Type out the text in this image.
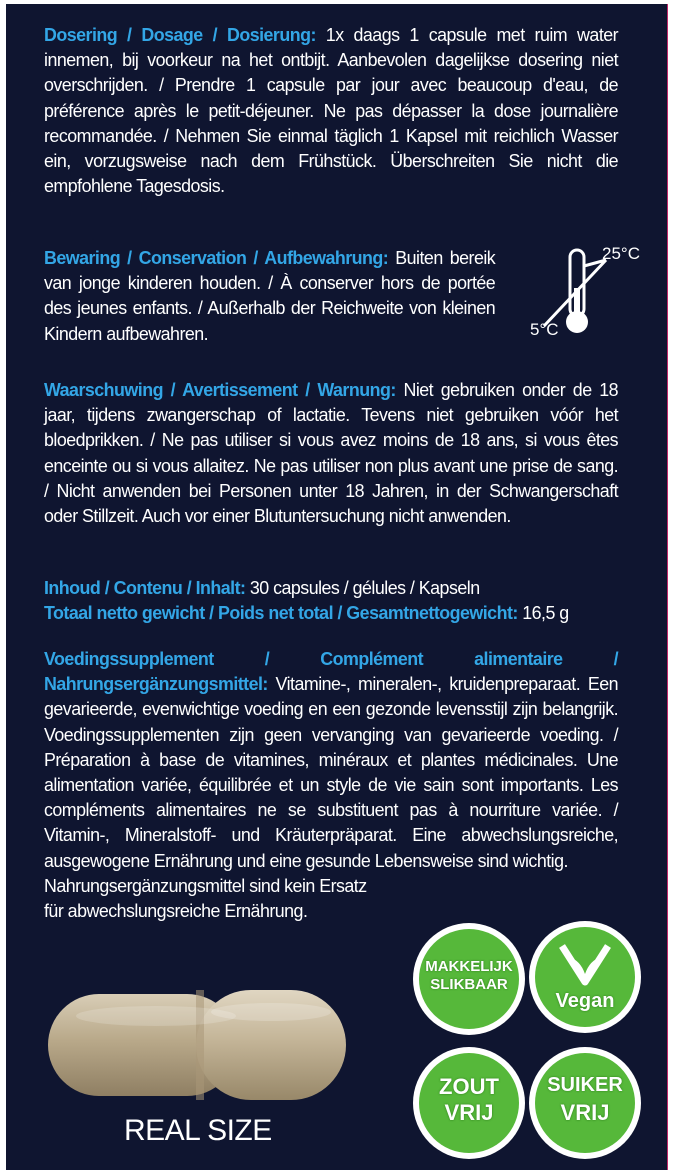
Dosering / Dosage / Dosierung: 1x daags 1 capsule met ruim water innemen, bij voorkeur na het ontbijt. Aanbevolen dagelijkse dosering niet overschrijden. / Prendre 1 capsule par jour avec beaucoup d'eau, de préférence après le petit-déjeuner. Ne pas dépasser la dose journalière recommandée. / Nehmen Sie einmal täglich 1 Kapsel mit reichlich Wasser ein, vorzugsweise nach dem Frühstück. Überschreiten Sie nicht die empfohlene Tagesdosis.
Bewaring / Conservation / Aufbewahrung: Buiten bereik van jonge kinderen houden. / À conserver hors de portée des jeunes enfants. / Außerhalb der Reichweite von kleinen Kindern aufbewahren.
25°C
5°C
Waarschuwing / Avertissement / Warnung: Niet gebruiken onder de 18 jaar, tijdens zwangerschap of lactatie. Tevens niet gebruiken vóór het bloedprikken. / Ne pas utiliser si vous avez moins de 18 ans, si vous êtes enceinte ou si vous allaitez. Ne pas utiliser non plus avant une prise de sang. / Nicht anwenden bei Personen unter 18 Jahren, in der Schwangerschaft oder Stillzeit. Auch vor einer Blutuntersuchung nicht anwenden.
Inhoud / Contenu / Inhalt: 30 capsules / gélules / Kapseln
Totaal netto gewicht / Poids net total / Gesamtnettogewicht: 16,5 g
Voedingssupplement / Complément alimentaire / Nahrungsergänzungsmittel: Vitamine-, mineralen-, kruidenpreparaat. Een gevarieerde, evenwichtige voeding en een gezonde levensstijl zijn belangrijk. Voedingssupplementen zijn geen vervanging van gevarieerde voeding. / Préparation à base de vitamines, minéraux et plantes médicinales. Une alimentation variée, équilibrée et un style de vie sain sont importants. Les compléments alimentaires ne se substituent pas à nourriture variée. / Vitamin-, Mineralstoff- und Kräuterpräparat. Eine abwechslungsreiche, ausgewogene Ernährung und eine gesunde Lebensweise sind wichtig.
Nahrungsergänzungsmittel sind kein Ersatz
für abwechslungsreiche Ernährung.
REAL SIZE
MAKKELIJK
SLIKBAAR
Vegan
ZOUT
VRIJ
SUIKER
VRIJ
